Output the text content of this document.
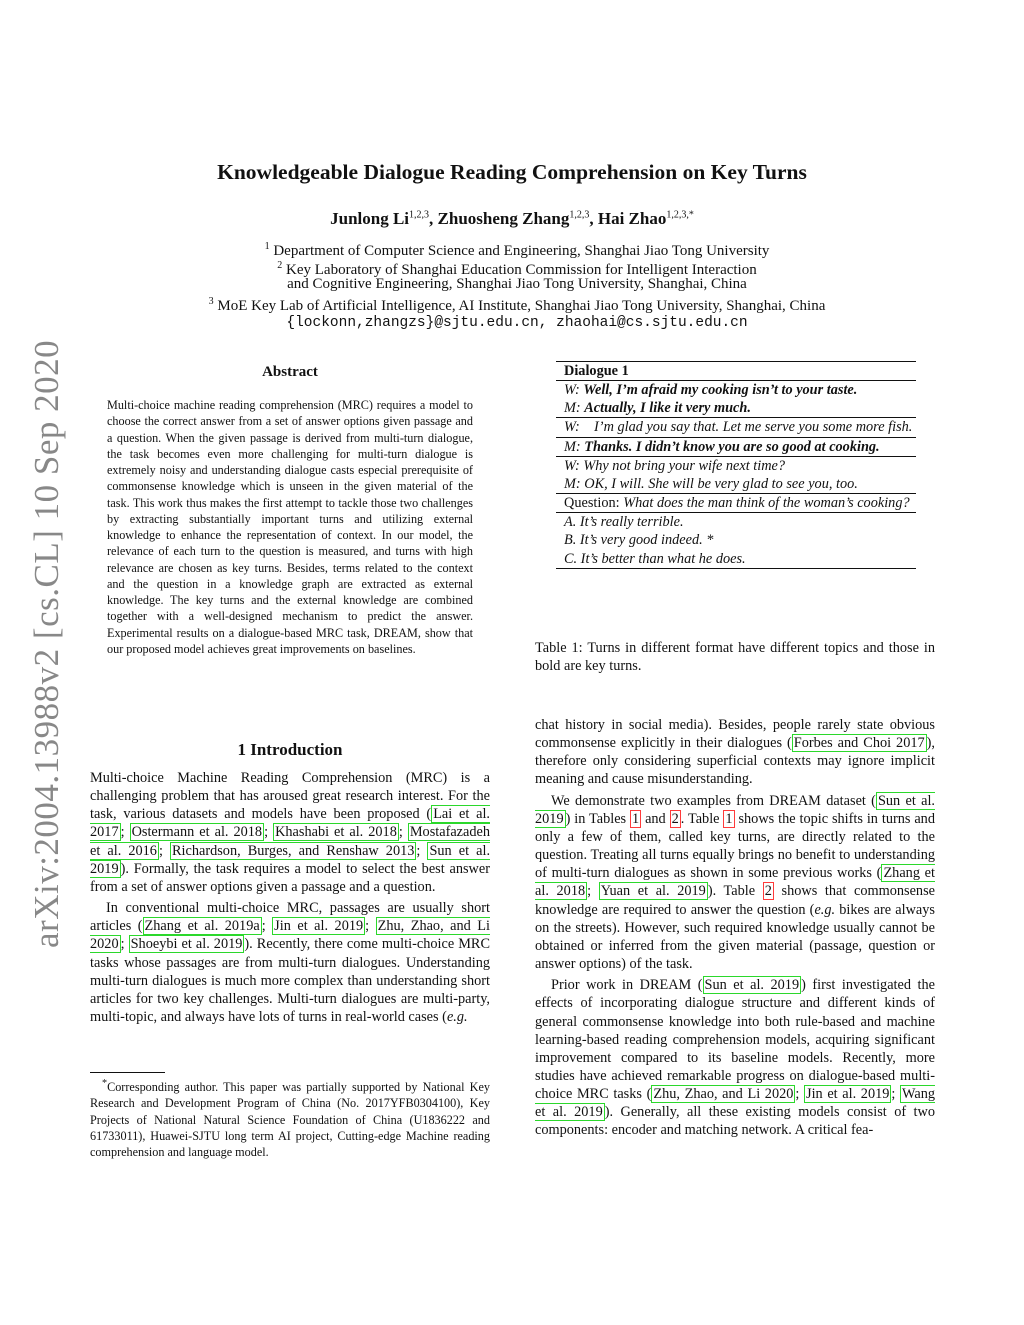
arXiv:2004.13988v2 [cs.CL] 10 Sep 2020
Knowledgeable Dialogue Reading Comprehension on Key Turns
Junlong Li$^{1,2,3}$, Zhuosheng Zhang$^{1,2,3}$, Hai Zhao$^{1,2,3,*}$
$^1$ Department of Computer Science and Engineering, Shanghai Jiao Tong University
$^2$ Key Laboratory of Shanghai Education Commission for Intelligent Interaction
and Cognitive Engineering, Shanghai Jiao Tong University, Shanghai, China
$^3$ MoE Key Lab of Artificial Intelligence, AI Institute, Shanghai Jiao Tong University, Shanghai, China
{lockonn,zhangzs}@sjtu.edu.cn, zhaohai@cs.sjtu.edu.cn
Abstract
Multi-choice machine reading comprehension (MRC) requires a model to choose the correct answer from a set of answer options given passage and a question. When the given passage is derived from multi-turn dialogue, the task becomes even more challenging for multi-turn dialogue is extremely noisy and understanding dialogue casts especial prerequisite of commonsense knowledge which is unseen in the given material of the task. This work thus makes the first attempt to tackle those two challenges by extracting substantially important turns and utilizing external knowledge to enhance the representation of context. In our model, the relevance of each turn to the question is measured, and turns with high relevance are chosen as key turns. Besides, terms related to the context and the question in a knowledge graph are extracted as external knowledge. The key turns and the external knowledge are combined together with a well-designed mechanism to predict the answer. Experimental results on a dialogue-based MRC task, DREAM, show that our proposed model achieves great improvements on baselines.
1 Introduction

Multi-choice Machine Reading Comprehension (MRC) is a challenging problem that has aroused great research interest. For the task, various datasets and models have been proposed ( Lai et al. 2017 ; Ostermann et al. 2018 ; Khashabi et al. 2018 ; Mostafazadeh et al. 2016 ; Richardson, Burges, and Renshaw 2013 ; Sun et al. 2019 ). Formally, the task requires a model to select the best answer from a set of answer options given a passage and a question.

In conventional multi-choice MRC, passages are usually short articles ( Zhang et al. 2019a ; Jin et al. 2019 ; Zhu, Zhao, and Li 2020 ; Shoeybi et al. 2019 ). Recently, there come multi-choice MRC tasks whose passages are from multi-turn dialogues. Understanding multi-turn dialogues is much more complex than understanding short articles for two key challenges. Multi-turn dialogues are multi-party, multi-topic, and always have lots of turns in real-world cases (e.g.

*Corresponding author. This paper was partially supported by National Key Research and Development Program of China (No. 2017YFB0304100), Key Projects of National Natural Science Foundation of China (U1836222 and 61733011), Huawei-SJTU long term AI project, Cutting-edge Machine reading comprehension and language model.
Dialogue 1
W: Well, I’m afraid my cooking isn’t to your taste.
M: Actually, I like it very much.
W: I’m glad you say that. Let me serve you some more fish.
M: Thanks. I didn’t know you are so good at cooking.
W: Why not bring your wife next time?
M: OK, I will. She will be very glad to see you, too.
Question: What does the man think of the woman’s cooking?
A. It’s really terrible.
B. It’s very good indeed. *
C. It’s better than what he does.
Table 1: Turns in different format have different topics and those in bold are key turns.

chat history in social media). Besides, people rarely state obvious commonsense explicitly in their dialogues ( Forbes and Choi 2017 ), therefore only considering superficial contexts may ignore implicit meaning and cause misunderstanding.

We demonstrate two examples from DREAM dataset ( Sun et al. 2019 ) in Tables 1 and 2 . Table 1 shows the topic shifts in turns and only a few of them, called key turns, are directly related to the question. Treating all turns equally brings no benefit to understanding of multi-turn dialogues as shown in some previous works ( Zhang et al. 2018 ; Yuan et al. 2019 ). Table 2 shows that commonsense knowledge are required to answer the question (e.g. bikes are always on the streets). However, such required knowledge usually cannot be obtained or inferred from the given material (passage, question or answer options) of the task.

Prior work in DREAM ( Sun et al. 2019 ) first investigated the effects of incorporating dialogue structure and different kinds of general commonsense knowledge into both rule-based and machine learning-based reading comprehension models, acquiring significant improvement compared to its baseline models. Recently, more studies have achieved remarkable progress on dialogue-based multi-choice MRC tasks ( Zhu, Zhao, and Li 2020 ; Jin et al. 2019 ; Wang et al. 2019 ). Generally, all these existing models consist of two components: encoder and matching network. A critical fea-
